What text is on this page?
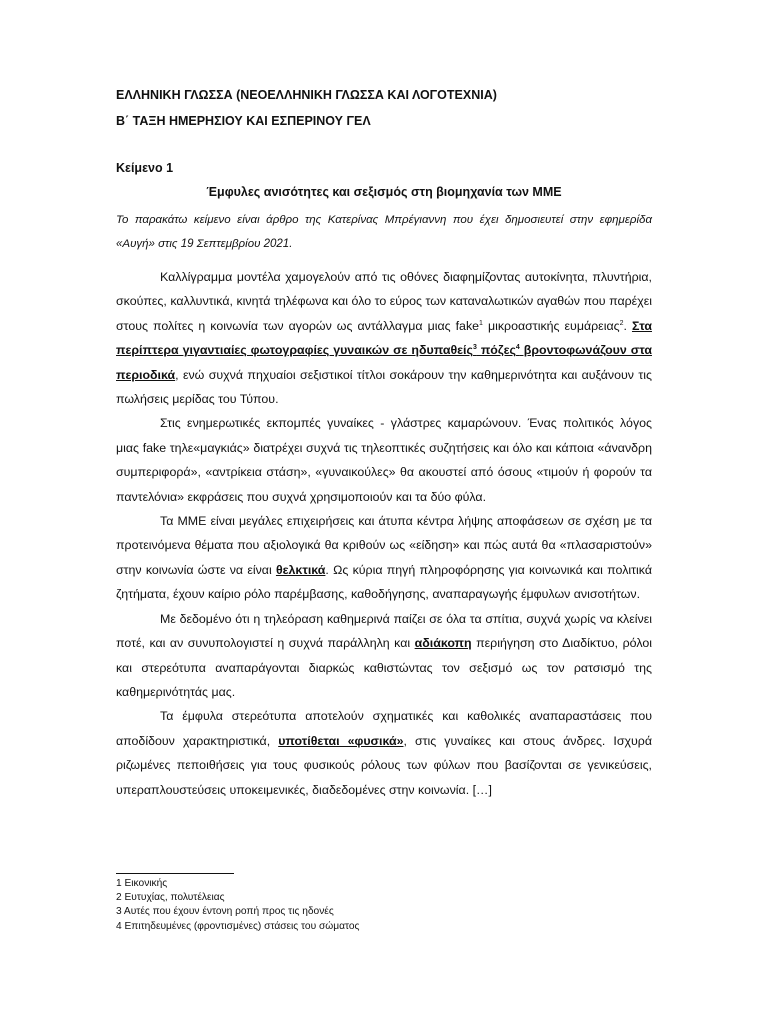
ΕΛΛΗΝΙΚΗ ΓΛΩΣΣΑ (ΝΕΟΕΛΛΗΝΙΚΗ ΓΛΩΣΣΑ ΚΑΙ ΛΟΓΟΤΕΧΝΙΑ)
Β΄ ΤΑΞΗ ΗΜΕΡΗΣΙΟΥ ΚΑΙ ΕΣΠΕΡΙΝΟΥ ΓΕΛ
Κείμενο 1
Έμφυλες ανισότητες και σεξισμός στη βιομηχανία των ΜΜΕ
Το παρακάτω κείμενο είναι άρθρο της Κατερίνας Μπρέγιαννη που έχει δημοσιευτεί στην εφημερίδα «Αυγή» στις 19 Σεπτεμβρίου 2021.

Καλλίγραμμα μοντέλα χαμογελούν από τις οθόνες διαφημίζοντας αυτοκίνητα, πλυντήρια, σκούπες, καλλυντικά, κινητά τηλέφωνα και όλο το εύρος των καταναλωτικών αγαθών που παρέχει στους πολίτες η κοινωνία των αγορών ως αντάλλαγμα μιας fake$^1$ μικροαστικής ευμάρειας$^2$. Στα περίπτερα γιγαντιαίες φωτογραφίες γυναικών σε ηδυπαθείς$^3$ πόζες$^4$ βροντοφωνάζουν στα περιοδικά, ενώ συχνά πηχυαίοι σεξιστικοί τίτλοι σοκάρουν την καθημερινότητα και αυξάνουν τις πωλήσεις μερίδας του Τύπου.

Στις ενημερωτικές εκπομπές γυναίκες - γλάστρες καμαρώνουν. Ένας πολιτικός λόγος μιας fake τηλε«μαγκιάς» διατρέχει συχνά τις τηλεοπτικές συζητήσεις και όλο και κάποια «άνανδρη συμπεριφορά», «αντρίκεια στάση», «γυναικούλες» θα ακουστεί από όσους «τιμούν ή φορούν τα παντελόνια» εκφράσεις που συχνά χρησιμοποιούν και τα δύο φύλα.

Τα ΜΜΕ είναι μεγάλες επιχειρήσεις και άτυπα κέντρα λήψης αποφάσεων σε σχέση με τα προτεινόμενα θέματα που αξιολογικά θα κριθούν ως «είδηση» και πώς αυτά θα «πλασαριστούν» στην κοινωνία ώστε να είναι θελκτικά. Ως κύρια πηγή πληροφόρησης για κοινωνικά και πολιτικά ζητήματα, έχουν καίριο ρόλο παρέμβασης, καθοδήγησης, αναπαραγωγής έμφυλων ανισοτήτων.

Με δεδομένο ότι η τηλεόραση καθημερινά παίζει σε όλα τα σπίτια, συχνά χωρίς να κλείνει ποτέ, και αν συνυπολογιστεί η συχνά παράλληλη και αδιάκοπη περιήγηση στο Διαδίκτυο, ρόλοι και στερεότυπα αναπαράγονται διαρκώς καθιστώντας τον σεξισμό ως τον ρατσισμό της καθημερινότητάς μας.

Τα έμφυλα στερεότυπα αποτελούν σχηματικές και καθολικές αναπαραστάσεις που αποδίδουν χαρακτηριστικά, υποτίθεται «φυσικά», στις γυναίκες και στους άνδρες. Ισχυρά ριζωμένες πεποιθήσεις για τους φυσικούς ρόλους των φύλων που βασίζονται σε γενικεύσεις, υπεραπλουστεύσεις υποκειμενικές, διαδεδομένες στην κοινωνία. […]

1 Εικονικής
2 Ευτυχίας, πολυτέλειας
3 Αυτές που έχουν έντονη ροπή προς τις ηδονές
4 Επιτηδευμένες (φροντισμένες) στάσεις του σώματος
